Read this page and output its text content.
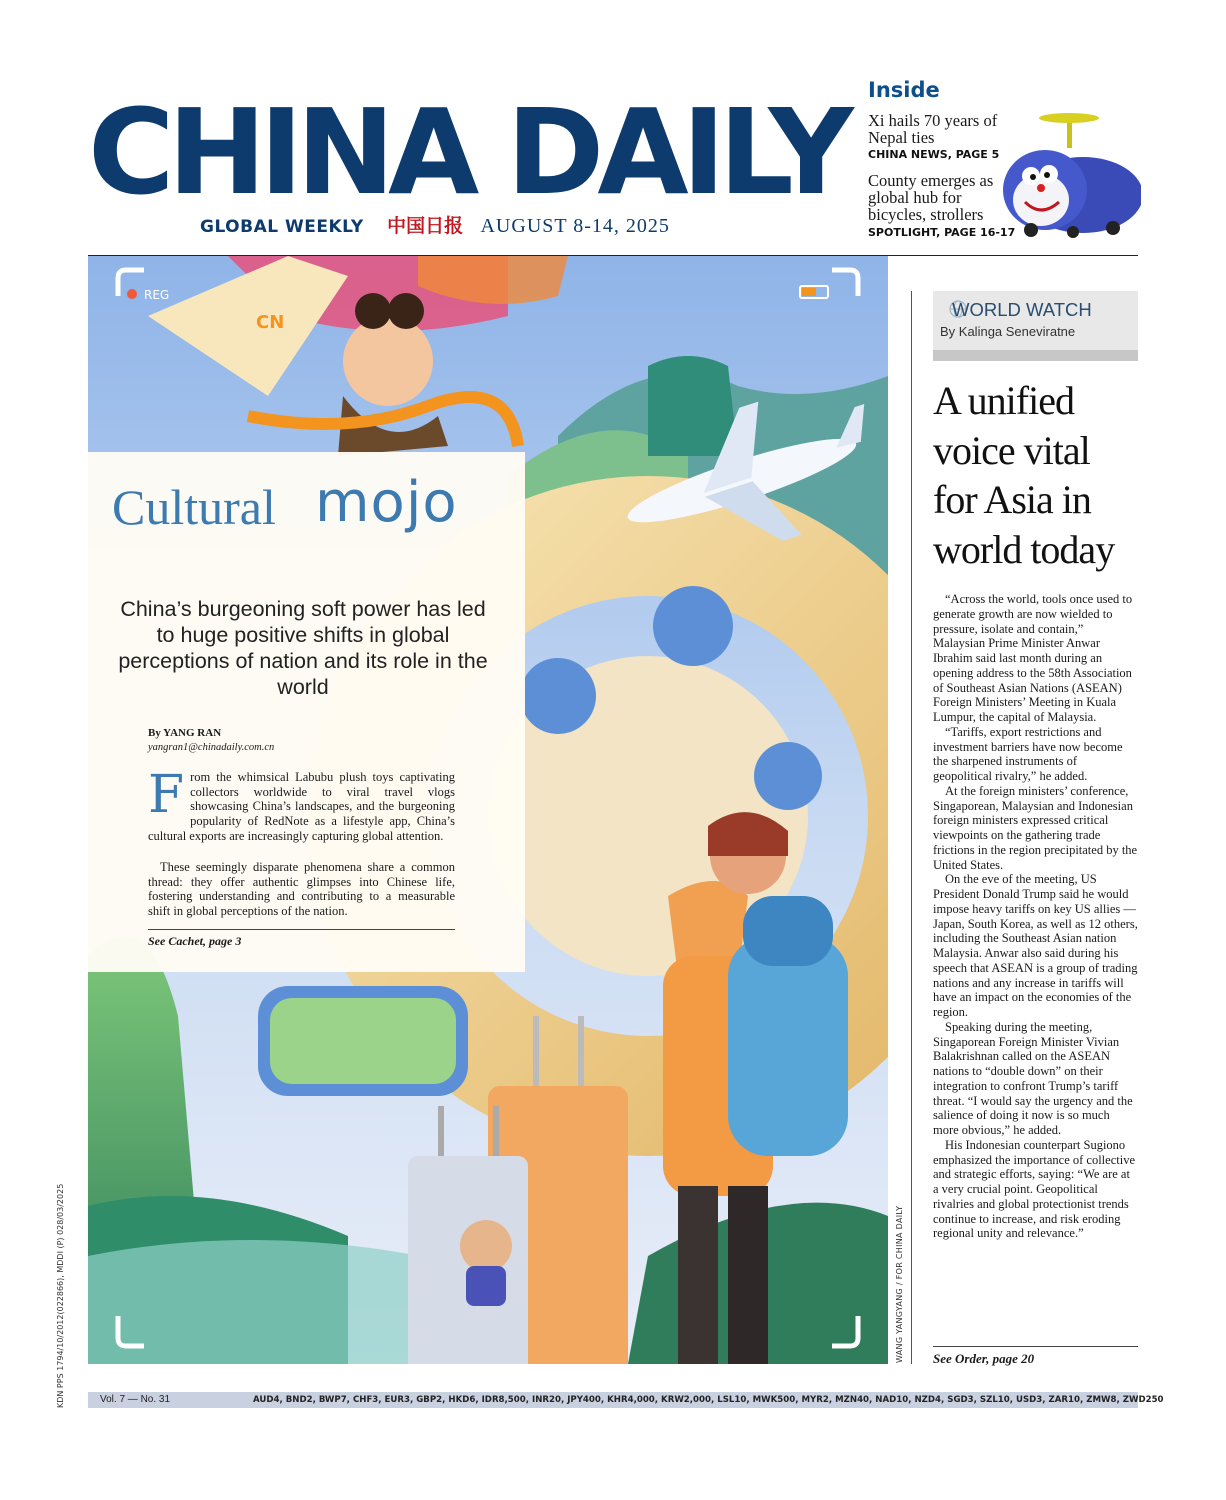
CHINA DAILY
GLOBAL WEEKLY 中国日报 AUGUST 8-14, 2025
Inside
Xi hails 70 years of Nepal ties
CHINA NEWS, PAGE 5
County emerges as global hub for bicycles, strollers
SPOTLIGHT, PAGE 16-17
REG
CN
WANG YANGYANG / FOR CHINA DAILY
Cultural mojo
China’s burgeoning soft power has led to huge positive shifts in global perceptions of nation and its role in the world
By YANG RAN
yangran1@chinadaily.com.cn
From the whimsical Labubu plush toys captivating collectors worldwide to viral travel vlogs showcasing China’s landscapes, and the burgeoning popularity of RedNote as a lifestyle app, China’s cultural exports are increasingly capturing global attention.
These seemingly disparate phenomena share a common thread: they offer authentic glimpses into Chinese life, fostering understanding and contributing to a measurable shift in global perceptions of the nation.
See Cachet, page 3
WORLD WATCH
By Kalinga Seneviratne
A unified voice vital for Asia in world today

“Across the world, tools once used to generate growth are now wielded to pressure, isolate and contain,” Malaysian Prime Minister Anwar Ibrahim said last month during an opening address to the 58th Association of Southeast Asian Nations (ASEAN) Foreign Ministers’ Meeting in Kuala Lumpur, the capital of Malaysia.

“Tariffs, export restrictions and investment barriers have now become the sharpened instruments of geopolitical rivalry,” he added.

At the foreign ministers’ conference, Singaporean, Malaysian and Indonesian foreign ministers expressed critical viewpoints on the gathering trade frictions in the region precipitated by the United States.

On the eve of the meeting, US President Donald Trump said he would impose heavy tariffs on key US allies — Japan, South Korea, as well as 12 others, including the Southeast Asian nation Malaysia. Anwar also said during his speech that ASEAN is a group of trading nations and any increase in tariffs will have an impact on the economies of the region.

Speaking during the meeting, Singaporean Foreign Minister Vivian Balakrishnan called on the ASEAN nations to “double down” on their integration to confront Trump’s tariff threat. “I would say the urgency and the salience of doing it now is so much more obvious,” he added.

His Indonesian counterpart Sugiono emphasized the importance of collective and strategic efforts, saying: “We are at a very crucial point. Geopolitical rivalries and global protectionist trends continue to increase, and risk eroding regional unity and relevance.”

See Order, page 20
Vol. 7 — No. 31	AUD4, BND2, BWP7, CHF3, EUR3, GBP2, HKD6, IDR8,500, INR20, JPY400, KHR4,000, KRW2,000, LSL10, MWK500, MYR2, MZN40, NAD10, NZD4, SGD3, SZL10, USD3, ZAR10, ZMW8, ZWD250
KDN PPS 1794/10/2012(022866), MDDI (P) 028/03/2025
